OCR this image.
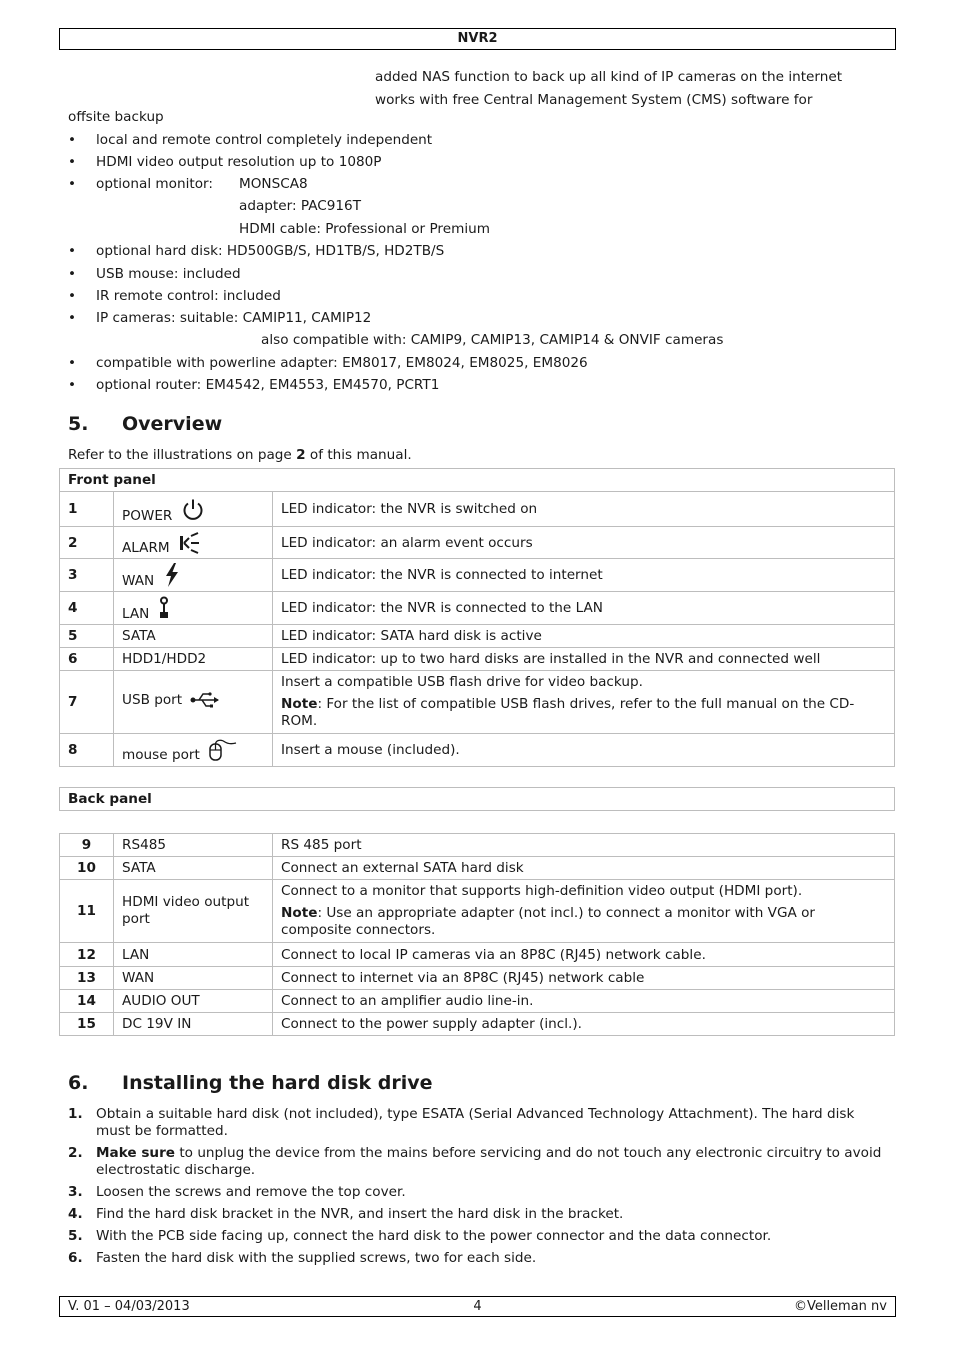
NVR2
added NAS function to back up all kind of IP cameras on the internet
works with free Central Management System (CMS) software for
offsite backup
• local and remote control completely independent
• HDMI video output resolution up to 1080P
• optional monitor: MONSCA8
adapter: PAC916T
HDMI cable: Professional or Premium
• optional hard disk: HD500GB/S, HD1TB/S, HD2TB/S
• USB mouse: included
• IR remote control: included
• IP cameras: suitable: CAMIP11, CAMIP12
also compatible with: CAMIP9, CAMIP13, CAMIP14 & ONVIF cameras
• compatible with powerline adapter: EM8017, EM8024, EM8025, EM8026
• optional router: EM4542, EM4553, EM4570, PCRT1
5. Overview
Refer to the illustrations on page 2 of this manual.
Front panel		
1	POWER	LED indicator: the NVR is switched on
2	ALARM	LED indicator: an alarm event occurs
3	WAN	LED indicator: the NVR is connected to internet
4	LAN	LED indicator: the NVR is connected to the LAN
5	SATA	LED indicator: SATA hard disk is active
6	HDD1/HDD2	LED indicator: up to two hard disks are installed in the NVR and connected well
7	USB port	Insert a compatible USB flash drive for video backup.
Note: For the list of compatible USB flash drives, refer to the full manual on the CD-ROM.

8	mouse port	Insert a mouse (included).
Back panel
9	RS485	RS 485 port
10	SATA	Connect an external SATA hard disk
11	HDMI video output port	Connect to a monitor that supports high-definition video output (HDMI port).
Note: Use an appropriate adapter (not incl.) to connect a monitor with VGA or composite connectors.

12	LAN	Connect to local IP cameras via an 8P8C (RJ45) network cable.
13	WAN	Connect to internet via an 8P8C (RJ45) network cable
14	AUDIO OUT	Connect to an amplifier audio line-in.
15	DC 19V IN	Connect to the power supply adapter (incl.).
6. Installing the hard disk drive
1. Obtain a suitable hard disk (not included), type ESATA (Serial Advanced Technology Attachment). The hard disk must be formatted.
2. Make sure to unplug the device from the mains before servicing and do not touch any electronic circuitry to avoid electrostatic discharge.
3. Loosen the screws and remove the top cover.
4. Find the hard disk bracket in the NVR, and insert the hard disk in the bracket.
5. With the PCB side facing up, connect the hard disk to the power connector and the data connector.
6. Fasten the hard disk with the supplied screws, two for each side.
V. 01 – 04/03/2013	4	©Velleman nv
